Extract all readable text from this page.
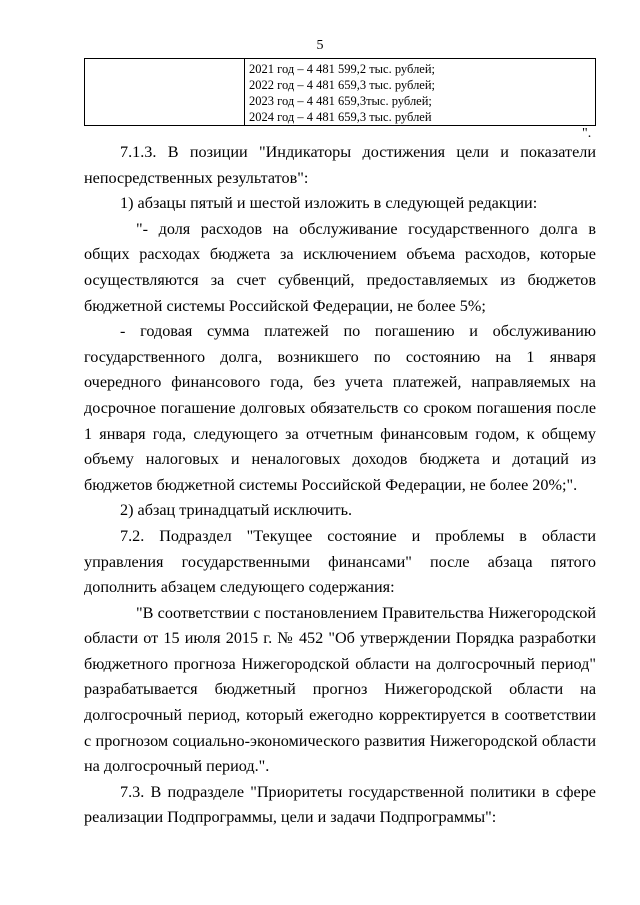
5

2021 год – 4 481 599,2 тыс. рублей;
2022 год – 4 481 659,3 тыс. рублей;
2023 год – 4 481 659,3тыс. рублей;
2024 год – 4 481 659,3 тыс. рублей
".

7.1.3. В позиции "Индикаторы достижения цели и показатели непосредственных результатов":

1) абзацы пятый и шестой изложить в следующей редакции:

"- доля расходов на обслуживание государственного долга в общих расходах бюджета за исключением объема расходов, которые осуществляются за счет субвенций, предоставляемых из бюджетов бюджетной системы Российской Федерации, не более 5%;

- годовая сумма платежей по погашению и обслуживанию государственного долга, возникшего по состоянию на 1 января очередного финансового года, без учета платежей, направляемых на досрочное погашение долговых обязательств со сроком погашения после 1 января года, следующего за отчетным финансовым годом, к общему объему налоговых и неналоговых доходов бюджета и дотаций из бюджетов бюджетной системы Российской Федерации, не более 20%;".

2) абзац тринадцатый исключить.

7.2. Подраздел "Текущее состояние и проблемы в области управления государственными финансами" после абзаца пятого дополнить абзацем следующего содержания:

"В соответствии с постановлением Правительства Нижегородской области от 15 июля 2015 г. № 452 "Об утверждении Порядка разработки бюджетного прогноза Нижегородской области на долгосрочный период" разрабатывается бюджетный прогноз Нижегородской области на долгосрочный период, который ежегодно корректируется в соответствии с прогнозом социально-экономического развития Нижегородской области на долгосрочный период.".

7.3. В подразделе "Приоритеты государственной политики в сфере реализации Подпрограммы, цели и задачи Подпрограммы":
